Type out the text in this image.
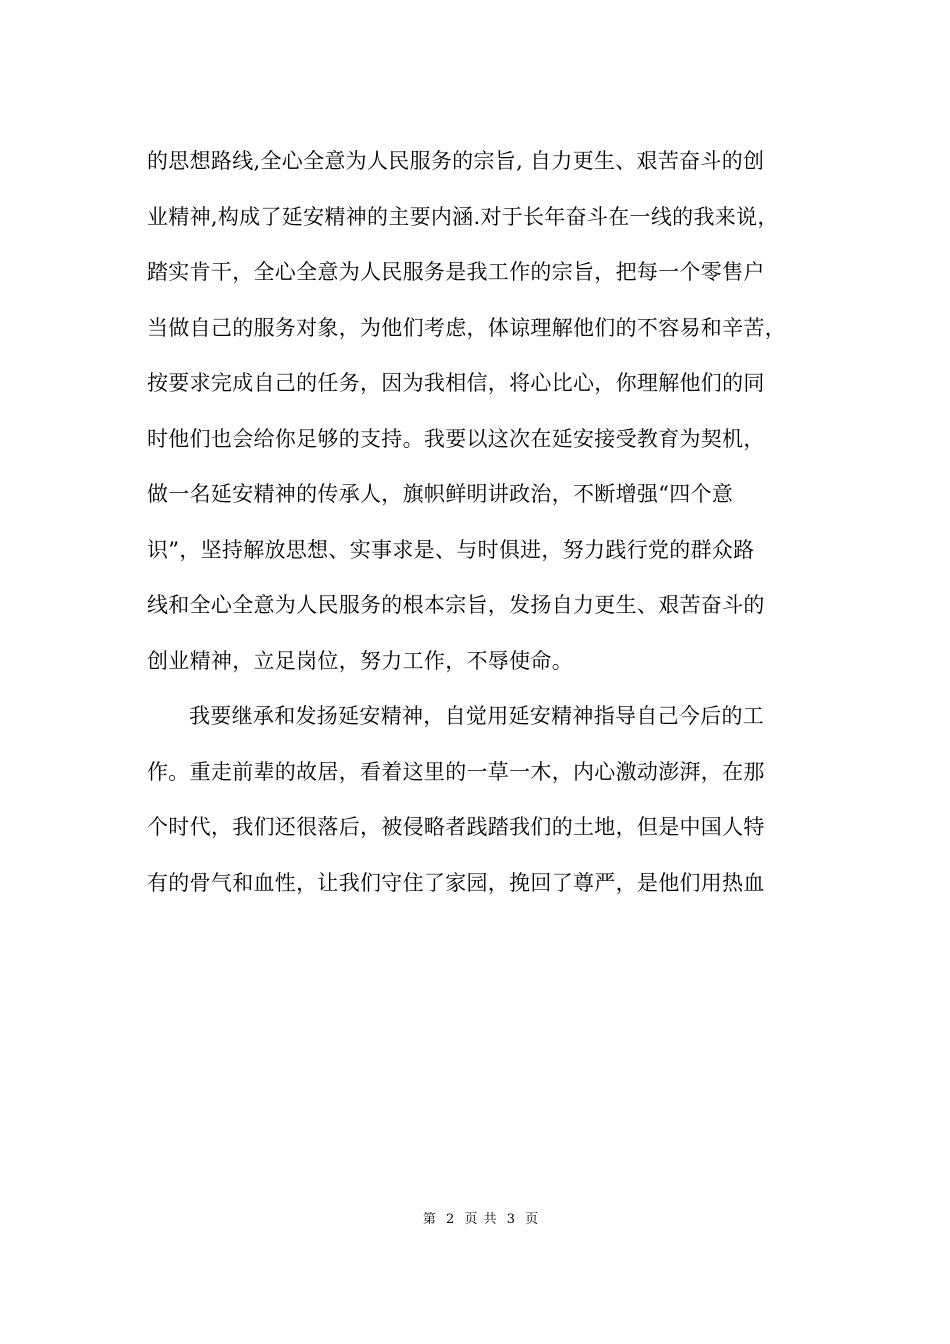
的思想路线,全心全意为人民服务的宗旨, 自力更生、艰苦奋斗的创
业精神,构成了延安精神的主要内涵.对于长年奋斗在一线的我来说，
踏实肯干，全心全意为人民服务是我工作的宗旨，把每一个零售户
当做自己的服务对象，为他们考虑，体谅理解他们的不容易和辛苦，
按要求完成自己的任务，因为我相信，将心比心，你理解他们的同
时他们也会给你足够的支持。我要以这次在延安接受教育为契机，
做一名延安精神的传承人，旗帜鲜明讲政治，不断增强“四个意
识”，坚持解放思想、实事求是、与时俱进，努力践行党的群众路
线和全心全意为人民服务的根本宗旨，发扬自力更生、艰苦奋斗的
创业精神，立足岗位，努力工作，不辱使命。
我要继承和发扬延安精神，自觉用延安精神指导自己今后的工
作。重走前辈的故居，看着这里的一草一木，内心激动澎湃，在那
个时代，我们还很落后，被侵略者践踏我们的土地，但是中国人特
有的骨气和血性，让我们守住了家园，挽回了尊严，是他们用热血
第 2 页 共 3 页
